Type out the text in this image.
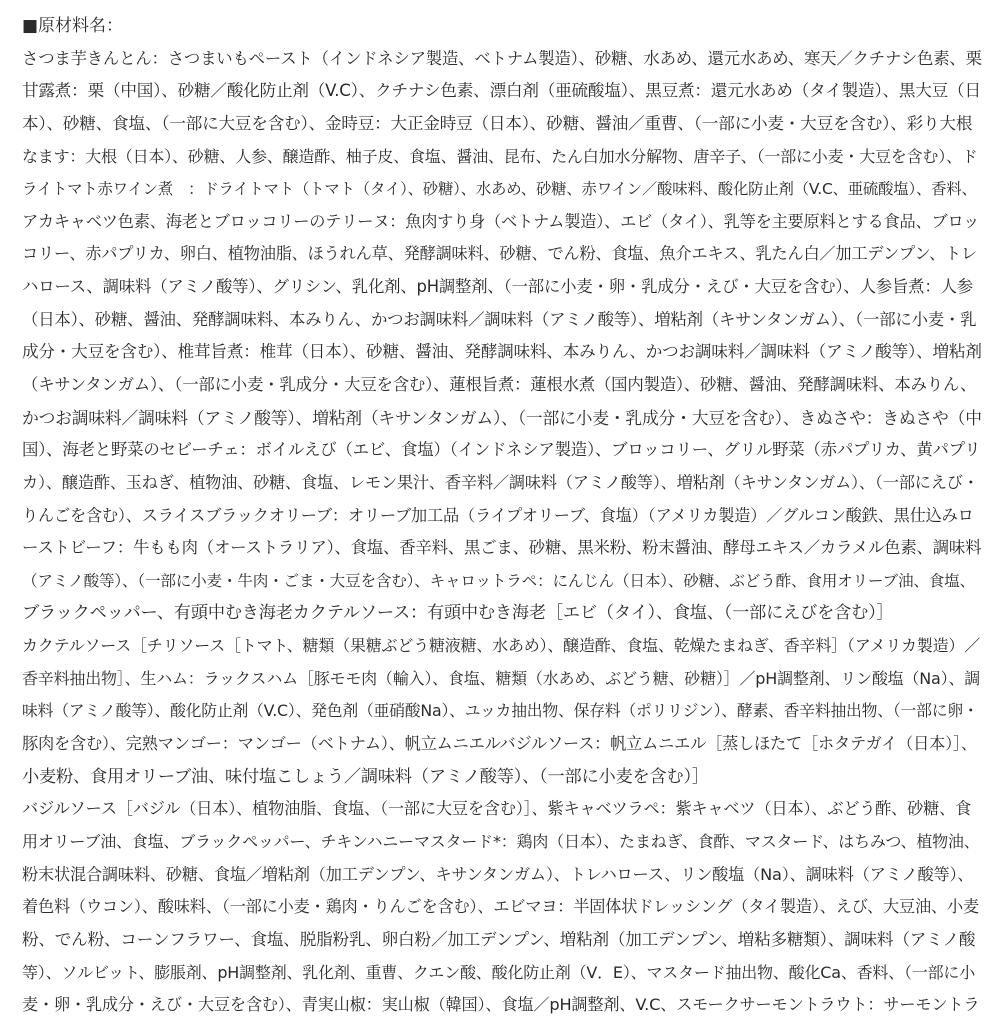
■原材料名：
さつま芋きんとん：さつまいもペースト（インドネシア製造、ベトナム製造）、砂糖、水あめ、還元水あめ、寒天／クチナシ色素、栗
甘露煮：栗（中国）、砂糖／酸化防止剤（V.C）、クチナシ色素、漂白剤（亜硫酸塩）、黒豆煮：還元水あめ（タイ製造）、黒大豆（日
本）、砂糖、食塩、（一部に大豆を含む）、金時豆：大正金時豆（日本）、砂糖、醤油／重曹、（一部に小麦・大豆を含む）、彩り大根
なます：大根（日本）、砂糖、人参、醸造酢、柚子皮、食塩、醤油、昆布、たん白加水分解物、唐辛子、（一部に小麦・大豆を含む）、ド
ライトマト赤ワイン煮　：ドライトマト（トマト（タイ）、砂糖）、水あめ、砂糖、赤ワイン／酸味料、酸化防止剤（V.C、亜硫酸塩）、香料、
アカキャベツ色素、海老とブロッコリーのテリーヌ：魚肉すり身（ベトナム製造）、エビ（タイ）、乳等を主要原料とする食品、ブロッ
コリー、赤パプリカ、卵白、植物油脂、ほうれん草、発酵調味料、砂糖、でん粉、食塩、魚介エキス、乳たん白／加工デンプン、トレ
ハロース、調味料（アミノ酸等）、グリシン、乳化剤、pH調整剤、（一部に小麦・卵・乳成分・えび・大豆を含む）、人参旨煮：人参
（日本）、砂糖、醤油、発酵調味料、本みりん、かつお調味料／調味料（アミノ酸等）、増粘剤（キサンタンガム）、（一部に小麦・乳
成分・大豆を含む）、椎茸旨煮：椎茸（日本）、砂糖、醤油、発酵調味料、本みりん、かつお調味料／調味料（アミノ酸等）、増粘剤
（キサンタンガム）、（一部に小麦・乳成分・大豆を含む）、蓮根旨煮：蓮根水煮（国内製造）、砂糖、醤油、発酵調味料、本みりん、
かつお調味料／調味料（アミノ酸等）、増粘剤（キサンタンガム）、（一部に小麦・乳成分・大豆を含む）、きぬさや：きぬさや（中
国）、海老と野菜のセビーチェ：ボイルえび（エビ、食塩）（インドネシア製造）、ブロッコリー、グリル野菜（赤パプリカ、黄パプリ
カ）、醸造酢、玉ねぎ、植物油、砂糖、食塩、レモン果汁、香辛料／調味料（アミノ酸等）、増粘剤（キサンタンガム）、（一部にえび・
りんごを含む）、スライスブラックオリーブ：オリーブ加工品（ライプオリーブ、食塩）（アメリカ製造）／グルコン酸鉄、黒仕込みロ
ーストビーフ：牛もも肉（オーストラリア）、食塩、香辛料、黒ごま、砂糖、黒米粉、粉末醤油、酵母エキス／カラメル色素、調味料
（アミノ酸等）、（一部に小麦・牛肉・ごま・大豆を含む）、キャロットラペ：にんじん（日本）、砂糖、ぶどう酢、食用オリーブ油、食塩、
ブラックペッパー、有頭中むき海老カクテルソース：有頭中むき海老［エビ（タイ）、食塩、（一部にえびを含む）］
カクテルソース［チリソース［トマト、糖類（果糖ぶどう糖液糖、水あめ）、醸造酢、食塩、乾燥たまねぎ、香辛料］（アメリカ製造）／
香辛料抽出物］、生ハム：ラックスハム［豚モモ肉（輸入）、食塩、糖類（水あめ、ぶどう糖、砂糖）］／pH調整剤、リン酸塩（Na）、調
味料（アミノ酸等）、酸化防止剤（V.C）、発色剤（亜硝酸Na）、ユッカ抽出物、保存料（ポリリジン）、酵素、香辛料抽出物、（一部に卵・
豚肉を含む）、完熟マンゴー：マンゴー（ベトナム）、帆立ムニエルバジルソース：帆立ムニエル［蒸しほたて［ホタテガイ（日本）］、
小麦粉、食用オリーブ油、味付塩こしょう／調味料（アミノ酸等）、（一部に小麦を含む）］
バジルソース［バジル（日本）、植物油脂、食塩、（一部に大豆を含む）］、紫キャベツラペ：紫キャベツ（日本）、ぶどう酢、砂糖、食
用オリーブ油、食塩、ブラックペッパー、チキンハニーマスタード*：鶏肉（日本）、たまねぎ、食酢、マスタード、はちみつ、植物油、
粉末状混合調味料、砂糖、食塩／増粘剤（加工デンプン、キサンタンガム）、トレハロース、リン酸塩（Na）、調味料（アミノ酸等）、
着色料（ウコン）、酸味料、（一部に小麦・鶏肉・りんごを含む）、エビマヨ：半固体状ドレッシング（タイ製造）、えび、大豆油、小麦
粉、でん粉、コーンフラワー、食塩、脱脂粉乳、卵白粉／加工デンプン、増粘剤（加工デンプン、増粘多糖類）、調味料（アミノ酸
等）、ソルビット、膨脹剤、pH調整剤、乳化剤、重曹、クエン酸、酸化防止剤（V．E）、マスタード抽出物、酸化Ca、香料、（一部に小
麦・卵・乳成分・えび・大豆を含む）、青実山椒：実山椒（韓国）、食塩／pH調整剤、V.C、スモークサーモントラウト：サーモントラ
